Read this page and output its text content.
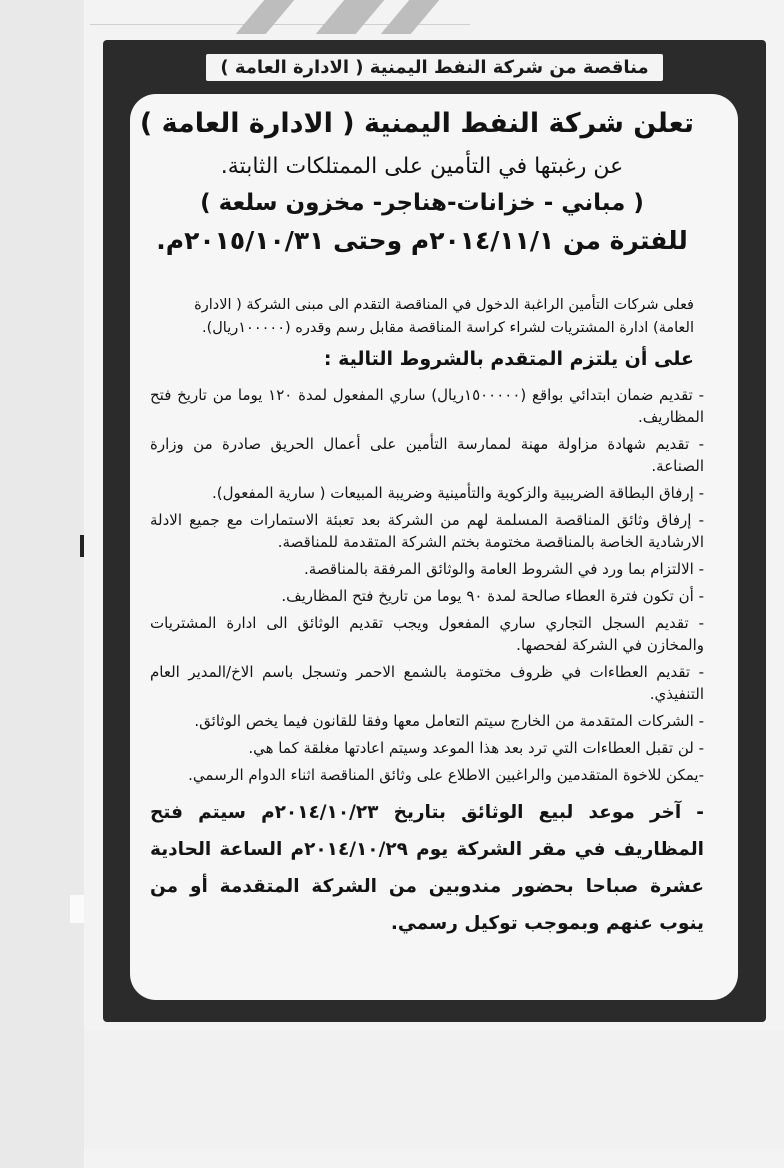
مناقصة من شركة النفط اليمنية ( الادارة العامة )
تعلن شركة النفط اليمنية ( الادارة العامة )
عن رغبتها في التأمين على الممتلكات الثابتة.
( مباني - خزانات-هناجر- مخزون سلعة )
للفترة من ٢٠١٤/١١/١م وحتى ٢٠١٥/١٠/٣١م.
فعلى شركات التأمين الراغبة الدخول في المناقصة التقدم الى مبنى الشركة ( الادارة العامة) ادارة المشتريات لشراء كراسة المناقصة مقابل رسم وقدره (١٠٠٠٠٠ريال).
على أن يلتزم المتقدم بالشروط التالية :
- تقديم ضمان ابتدائي بواقع (١٥٠٠٠٠٠ريال) ساري المفعول لمدة ١٢٠ يوما من تاريخ فتح المظاريف.
- تقديم شهادة مزاولة مهنة لممارسة التأمين على أعمال الحريق صادرة من وزارة الصناعة.
- إرفاق البطاقة الضريبية والزكوية والتأمينية وضريبة المبيعات ( سارية المفعول).
- إرفاق وثائق المناقصة المسلمة لهم من الشركة بعد تعبئة الاستمارات مع جميع الادلة الارشادية الخاصة بالمناقصة مختومة بختم الشركة المتقدمة للمناقصة.
- الالتزام بما ورد في الشروط العامة والوثائق المرفقة بالمناقصة.
- أن تكون فترة العطاء صالحة لمدة ٩٠ يوما من تاريخ فتح المظاريف.
- تقديم السجل التجاري ساري المفعول ويجب تقديم الوثائق الى ادارة المشتريات والمخازن في الشركة لفحصها.
- تقديم العطاءات في ظروف مختومة بالشمع الاحمر وتسجل باسم الاخ/المدير العام التنفيذي.
- الشركات المتقدمة من الخارج سيتم التعامل معها وفقا للقانون فيما يخص الوثائق.
- لن تقبل العطاءات التي ترد بعد هذا الموعد وسيتم اعادتها مغلقة كما هي.
-يمكن للاخوة المتقدمين والراغبين الاطلاع على وثائق المناقصة اثناء الدوام الرسمي.
- آخر موعد لبيع الوثائق بتاريخ ٢٠١٤/١٠/٢٣م سيتم فتح المظاريف في مقر الشركة يوم ٢٠١٤/١٠/٢٩م الساعة الحادية عشرة صباحا بحضور مندوبين من الشركة المتقدمة أو من ينوب عنهم وبموجب توكيل رسمي.
